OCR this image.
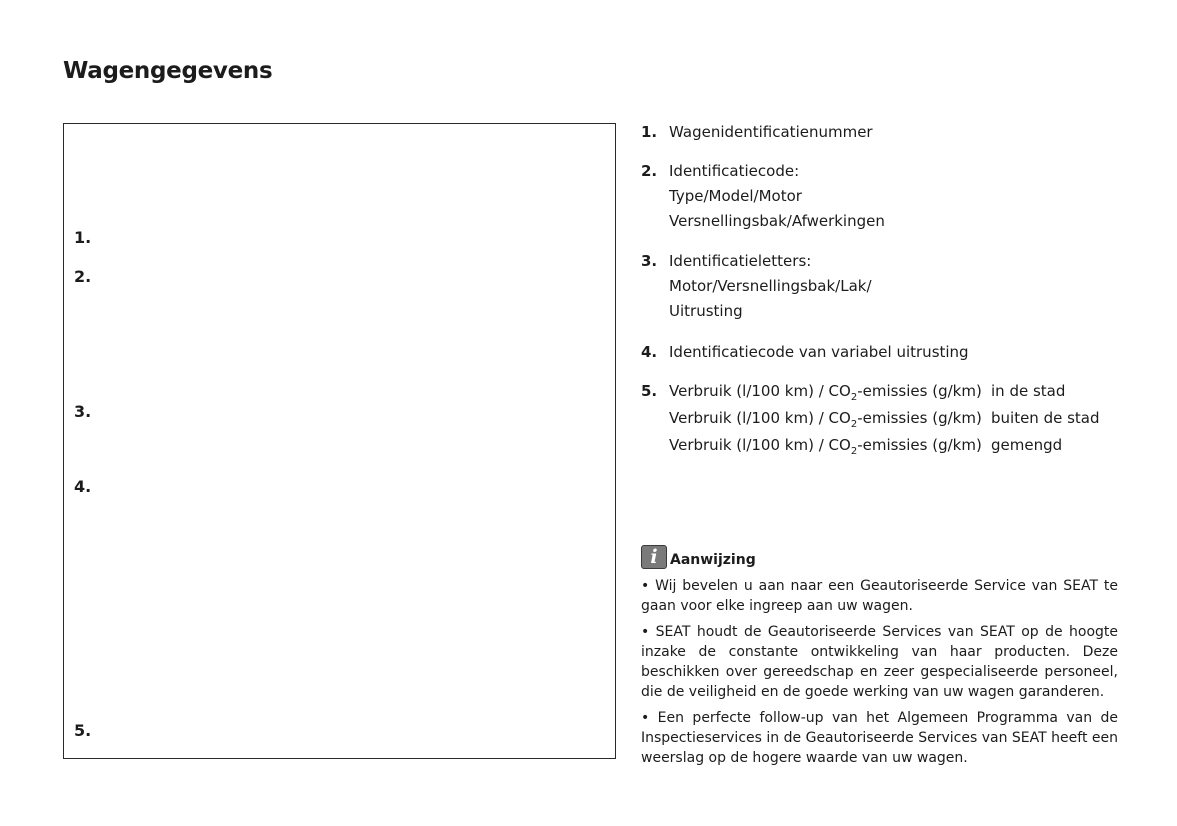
Wagengegevens
1.
2.
3.
4.
5.
1. Wagenidentificatienummer
2. Identificatiecode:
Type/Model/Motor
Versnellingsbak/Afwerkingen
3. Identificatieletters:
Motor/Versnellingsbak/Lak/
Uitrusting
4. Identificatiecode van variabel uitrusting
5. Verbruik (l/100 $km) / CO_2$-emissies (g/km) in de stad
Verbruik (l/100 $km) / CO_2$-emissies (g/km) buiten de stad
Verbruik (l/100 $km) / CO_2$-emissies (g/km) gemengd
i Aanwijzing

• Wij bevelen u aan naar een Geautoriseerde Service van SEAT te gaan voor elke ingreep aan uw wagen.

• SEAT houdt de Geautoriseerde Services van SEAT op de hoogte inzake de constante ontwikkeling van haar producten. Deze beschikken over gereedschap en zeer gespecialiseerde personeel, die de veiligheid en de goede werking van uw wagen garanderen.

• Een perfecte follow-up van het Algemeen Programma van de Inspectieservices in de Geautoriseerde Services van SEAT heeft een weerslag op de hogere waarde van uw wagen.
